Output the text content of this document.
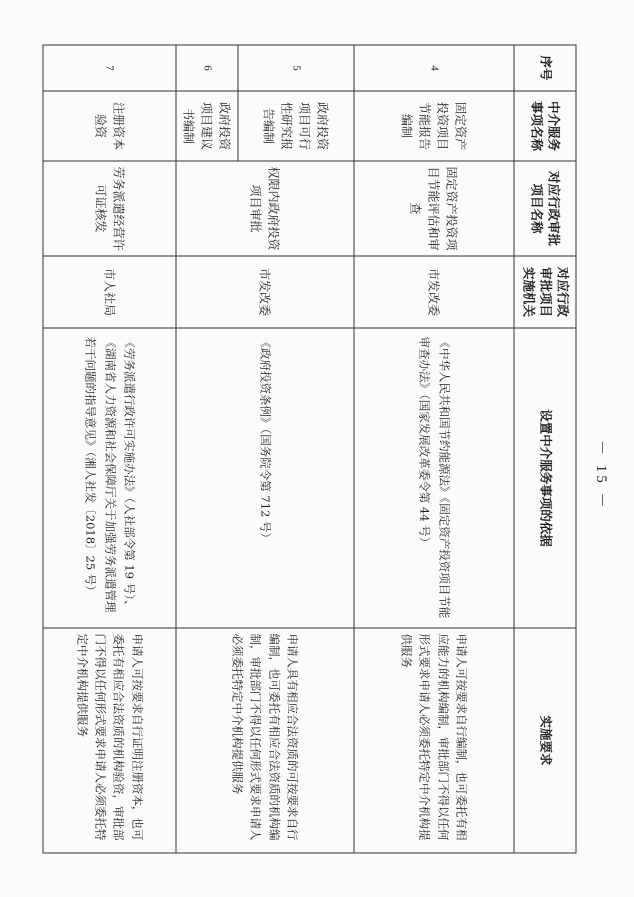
－ 15 －
序号	中介服务事项名称	对应行政审批项目名称	对应行政审批项目实施机关	设置中介服务事项的依据	实施要求
4	固定资产投资项目节能报告编制	固定资产投资项目节能评估和审查	市发改委	《中华人民共和国节约能源法》《固定资产投资项目节能审查办法》（国家发展改革委令第 44 号）	申请人可按要求自行编制，也可委托有相应能力的机构编制，审批部门不得以任何形式要求申请人必须委托特定中介机构提供服务
5	政府投资项目可行性研究报告编制	权限内政府投资项目审批	市发改委	《政府投资条例》（国务院令第 712 号）	申请人具有相应合法资质的可按要求自行编制，也可委托有相应合法资质的机构编制，审批部门不得以任何形式要求申请人必须委托特定中介机构提供服务
6	政府投资项目建议书编制				
7	注册资本验资	劳务派遣经营许可证核发	市人社局	《劳务派遣行政许可实施办法》（人社部令第 19 号）、《湖南省人力资源和社会保障厅关于加强劳务派遣管理若干问题的指导意见》（湘人社发〔2018〕25 号）	申请人可按要求自行证明注册资本，也可委托有相应合法资质的机构验资，审批部门不得以任何形式要求申请人必须委托特定中介机构提供服务
